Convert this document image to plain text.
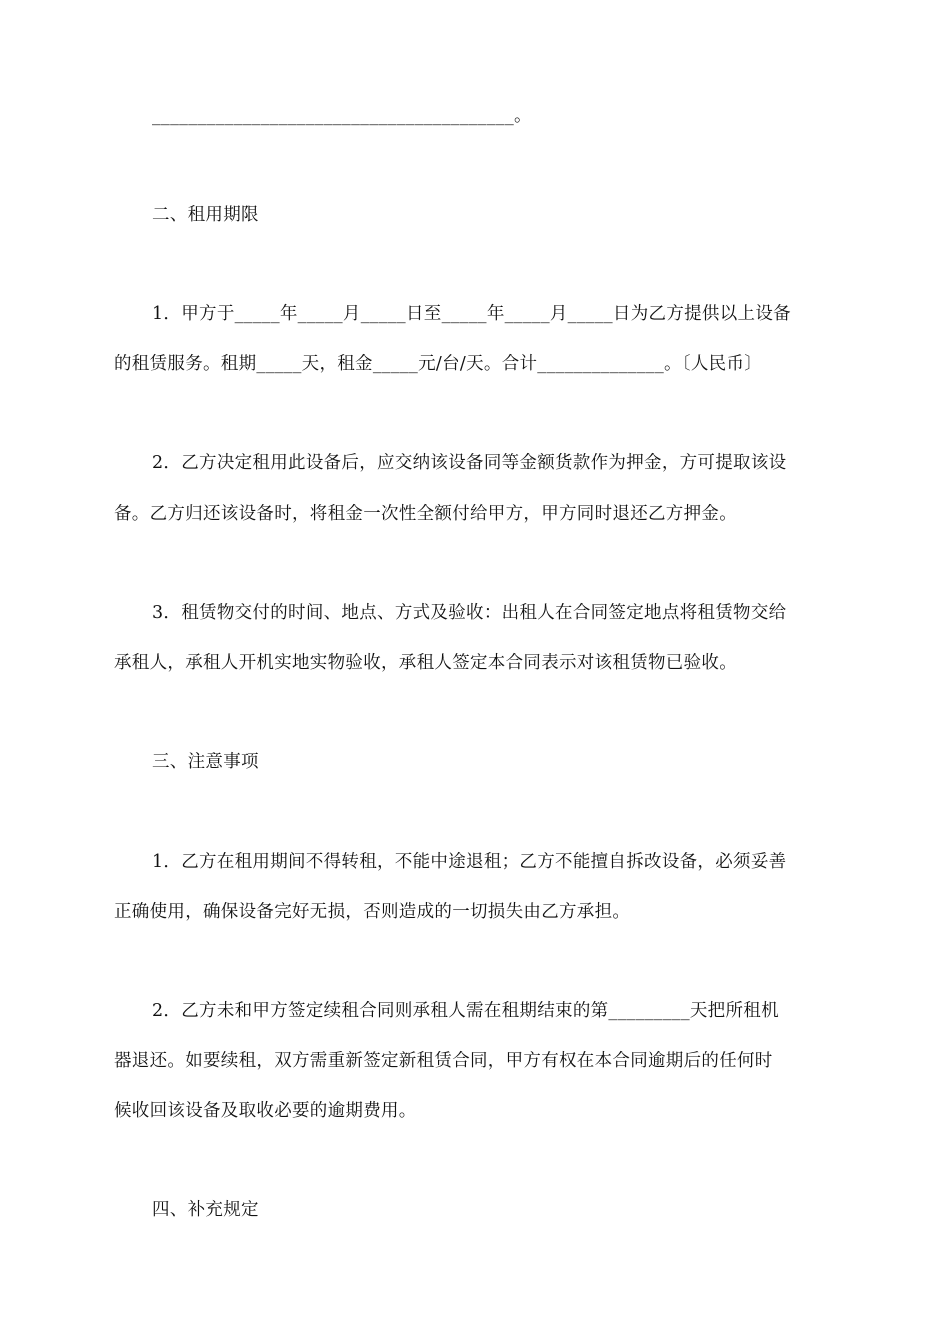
________________________________________。
二、租用期限
1．甲方于_____年_____月_____日至_____年_____月_____日为乙方提供以上设备
的租赁服务。租期_____天，租金_____元/台/天。合计______________。〔人民币〕
2．乙方决定租用此设备后，应交纳该设备同等金额货款作为押金，方可提取该设
备。乙方归还该设备时，将租金一次性全额付给甲方，甲方同时退还乙方押金。
3．租赁物交付的时间、地点、方式及验收：出租人在合同签定地点将租赁物交给
承租人，承租人开机实地实物验收，承租人签定本合同表示对该租赁物已验收。
三、注意事项
1．乙方在租用期间不得转租，不能中途退租；乙方不能擅自拆改设备，必须妥善
正确使用，确保设备完好无损，否则造成的一切损失由乙方承担。
2．乙方未和甲方签定续租合同则承租人需在租期结束的第_________天把所租机
器退还。如要续租，双方需重新签定新租赁合同，甲方有权在本合同逾期后的任何时
候收回该设备及取收必要的逾期费用。
四、补充规定
